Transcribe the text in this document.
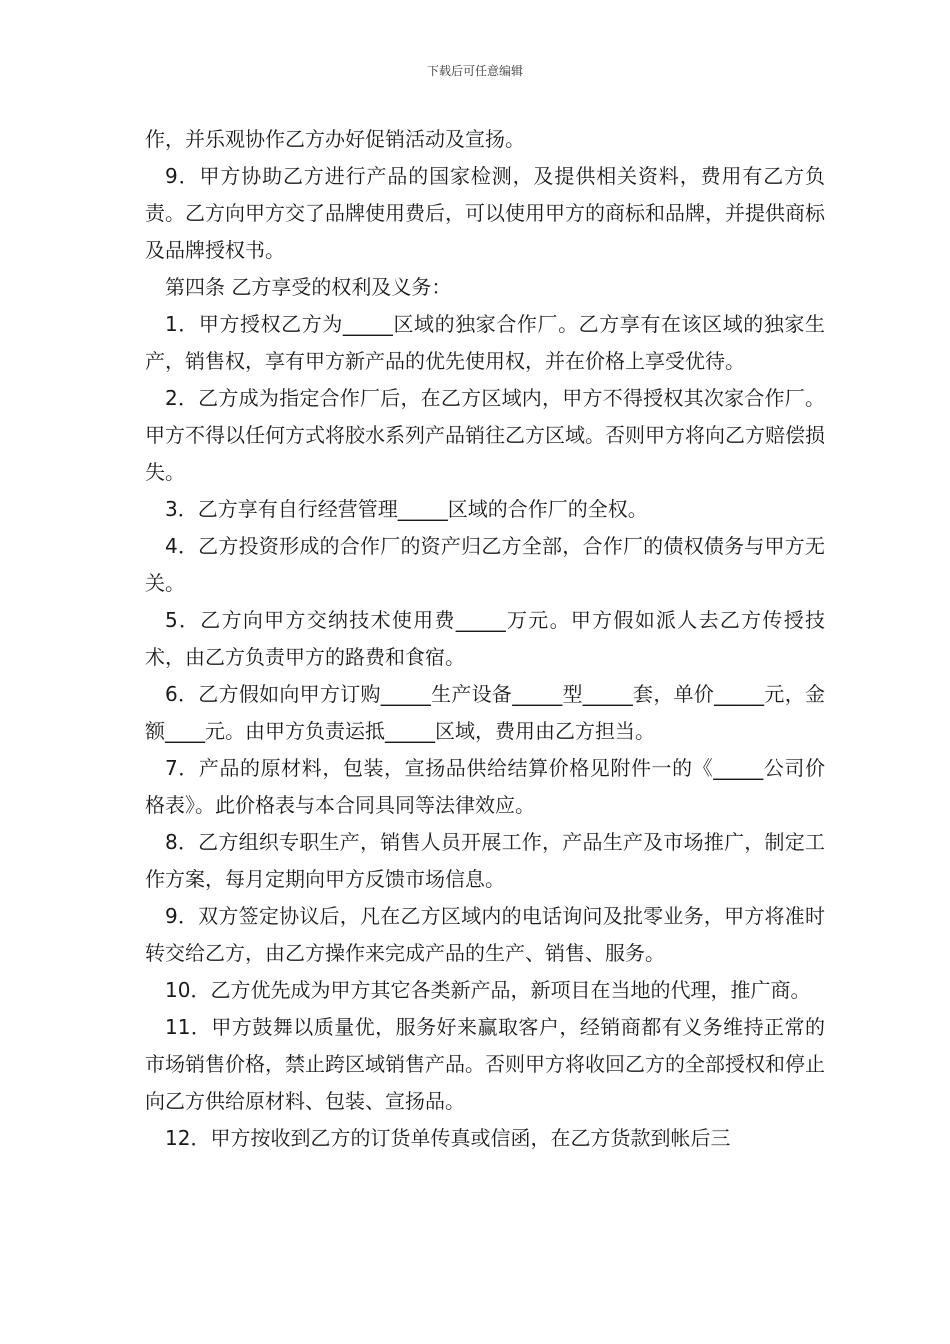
下载后可任意编辑

作，并乐观协作乙方办好促销活动及宣扬。

9．甲方协助乙方进行产品的国家检测，及提供相关资料，费用有乙方负责。乙方向甲方交了品牌使用费后，可以使用甲方的商标和品牌，并提供商标及品牌授权书。

第四条 乙方享受的权利及义务：

1．甲方授权乙方为_____区域的独家合作厂。乙方享有在该区域的独家生产，销售权，享有甲方新产品的优先使用权，并在价格上享受优待。

2．乙方成为指定合作厂后，在乙方区域内，甲方不得授权其次家合作厂。甲方不得以任何方式将胶水系列产品销往乙方区域。否则甲方将向乙方赔偿损失。

3．乙方享有自行经营管理_____区域的合作厂的全权。

4．乙方投资形成的合作厂的资产归乙方全部，合作厂的债权债务与甲方无关。

5．乙方向甲方交纳技术使用费_____万元。甲方假如派人去乙方传授技术，由乙方负责甲方的路费和食宿。

6．乙方假如向甲方订购_____生产设备_____型_____套，单价_____元，金额____元。由甲方负责运抵_____区域，费用由乙方担当。

7．产品的原材料，包装，宣扬品供给结算价格见附件一的《_____公司价格表》。此价格表与本合同具同等法律效应。

8．乙方组织专职生产，销售人员开展工作，产品生产及市场推广，制定工作方案，每月定期向甲方反馈市场信息。

9．双方签定协议后，凡在乙方区域内的电话询问及批零业务，甲方将准时转交给乙方，由乙方操作来完成产品的生产、销售、服务。

10．乙方优先成为甲方其它各类新产品，新项目在当地的代理，推广商。

11．甲方鼓舞以质量优，服务好来赢取客户，经销商都有义务维持正常的市场销售价格，禁止跨区域销售产品。否则甲方将收回乙方的全部授权和停止向乙方供给原材料、包装、宣扬品。

12．甲方按收到乙方的订货单传真或信函，在乙方货款到帐后三
